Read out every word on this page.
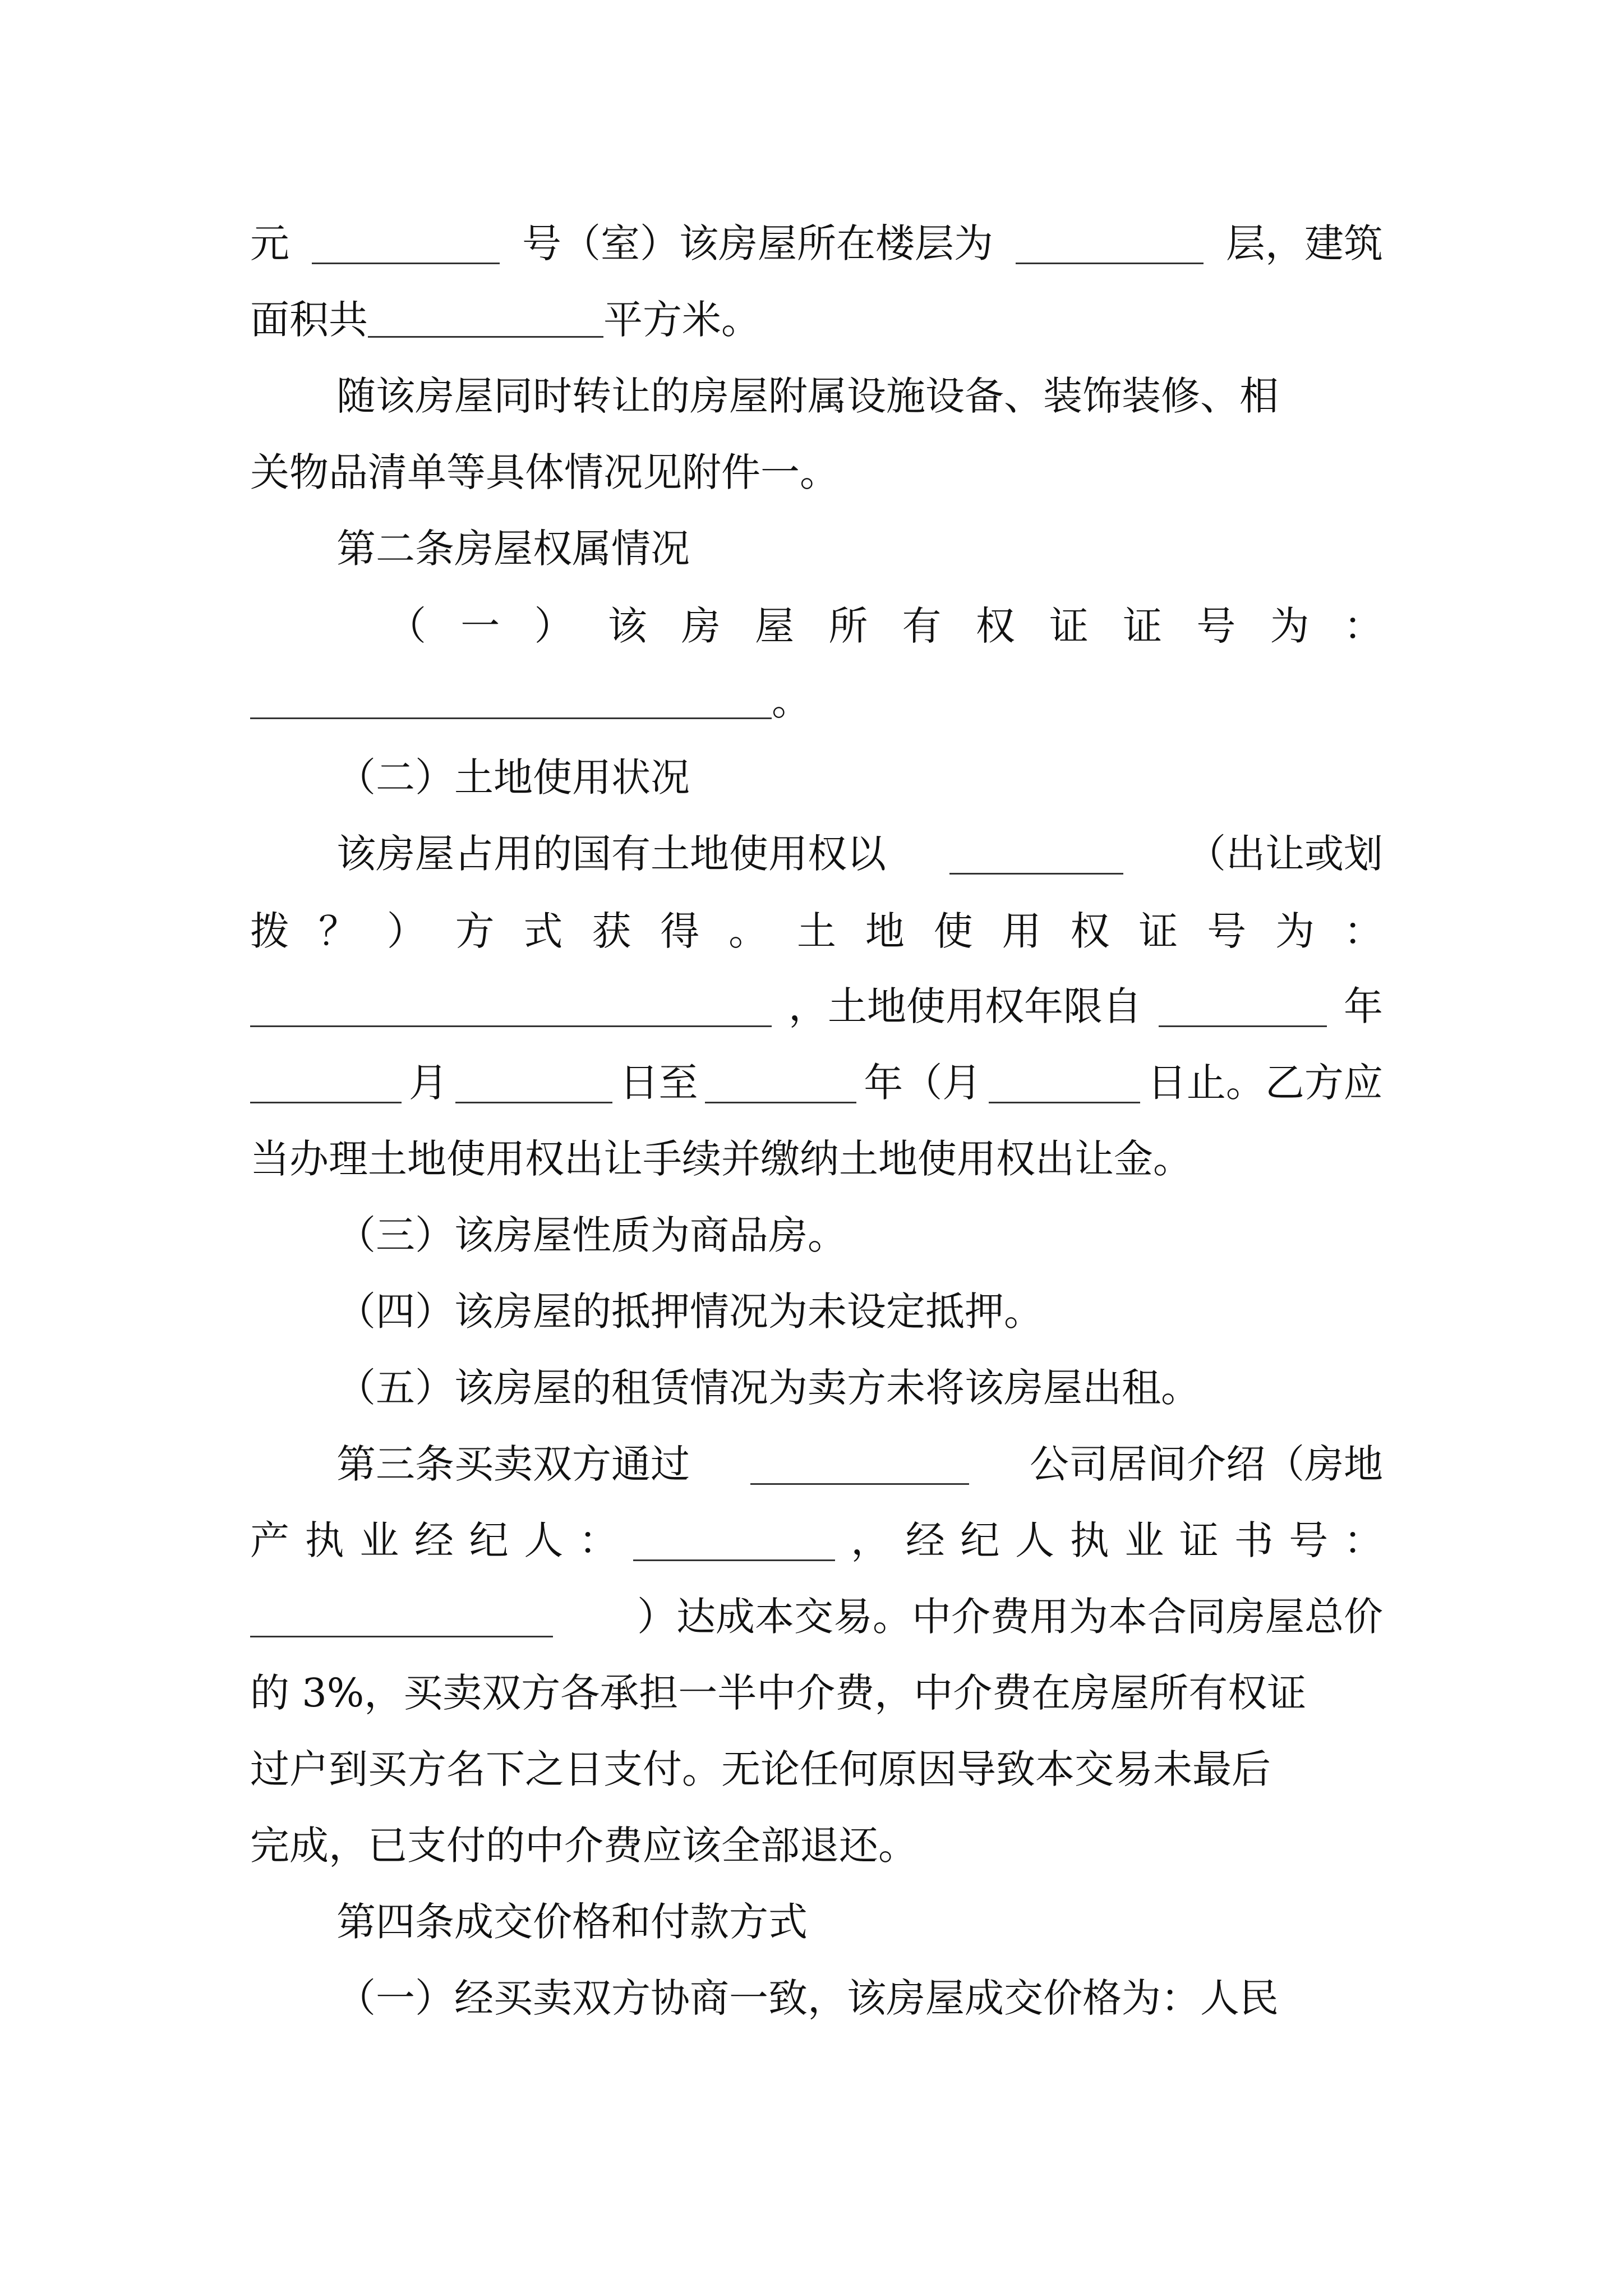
元	号（室）该房屋所在楼层为	层，建筑
面积共	平方米。
随该房屋同时转让的房屋附属设施设备、装饰装修、相
关物品清单等具体情况见附件一。
第二条房屋权属情况
（ 一 ） 该 房 屋 所 有 权 证 证 号 为 ：
。
（二）土地使用状况
该房屋占用的国有土地使用权以	（出让或划
拨 ？ ） 方 式 获 得 。 土 地 使 用 权 证 号 为 ：
，土地使用权年限自	年
月	日至	年（月	日止。乙方应
当办理土地使用权出让手续并缴纳土地使用权出让金。
（三）该房屋性质为商品房。
（四）该房屋的抵押情况为未设定抵押。
（五）该房屋的租赁情况为卖方未将该房屋出租。
第三条买卖双方通过	公司居间介绍（房地
产 执 业 经 纪 人 ：	， 经 纪 人 执 业 证 书 号 ：
）达成本交易。中介费用为本合同房屋总价
的 3%，买卖双方各承担一半中介费，中介费在房屋所有权证
过户到买方名下之日支付。无论任何原因导致本交易未最后
完成，已支付的中介费应该全部退还。
第四条成交价格和付款方式
（一）经买卖双方协商一致，该房屋成交价格为：人民
